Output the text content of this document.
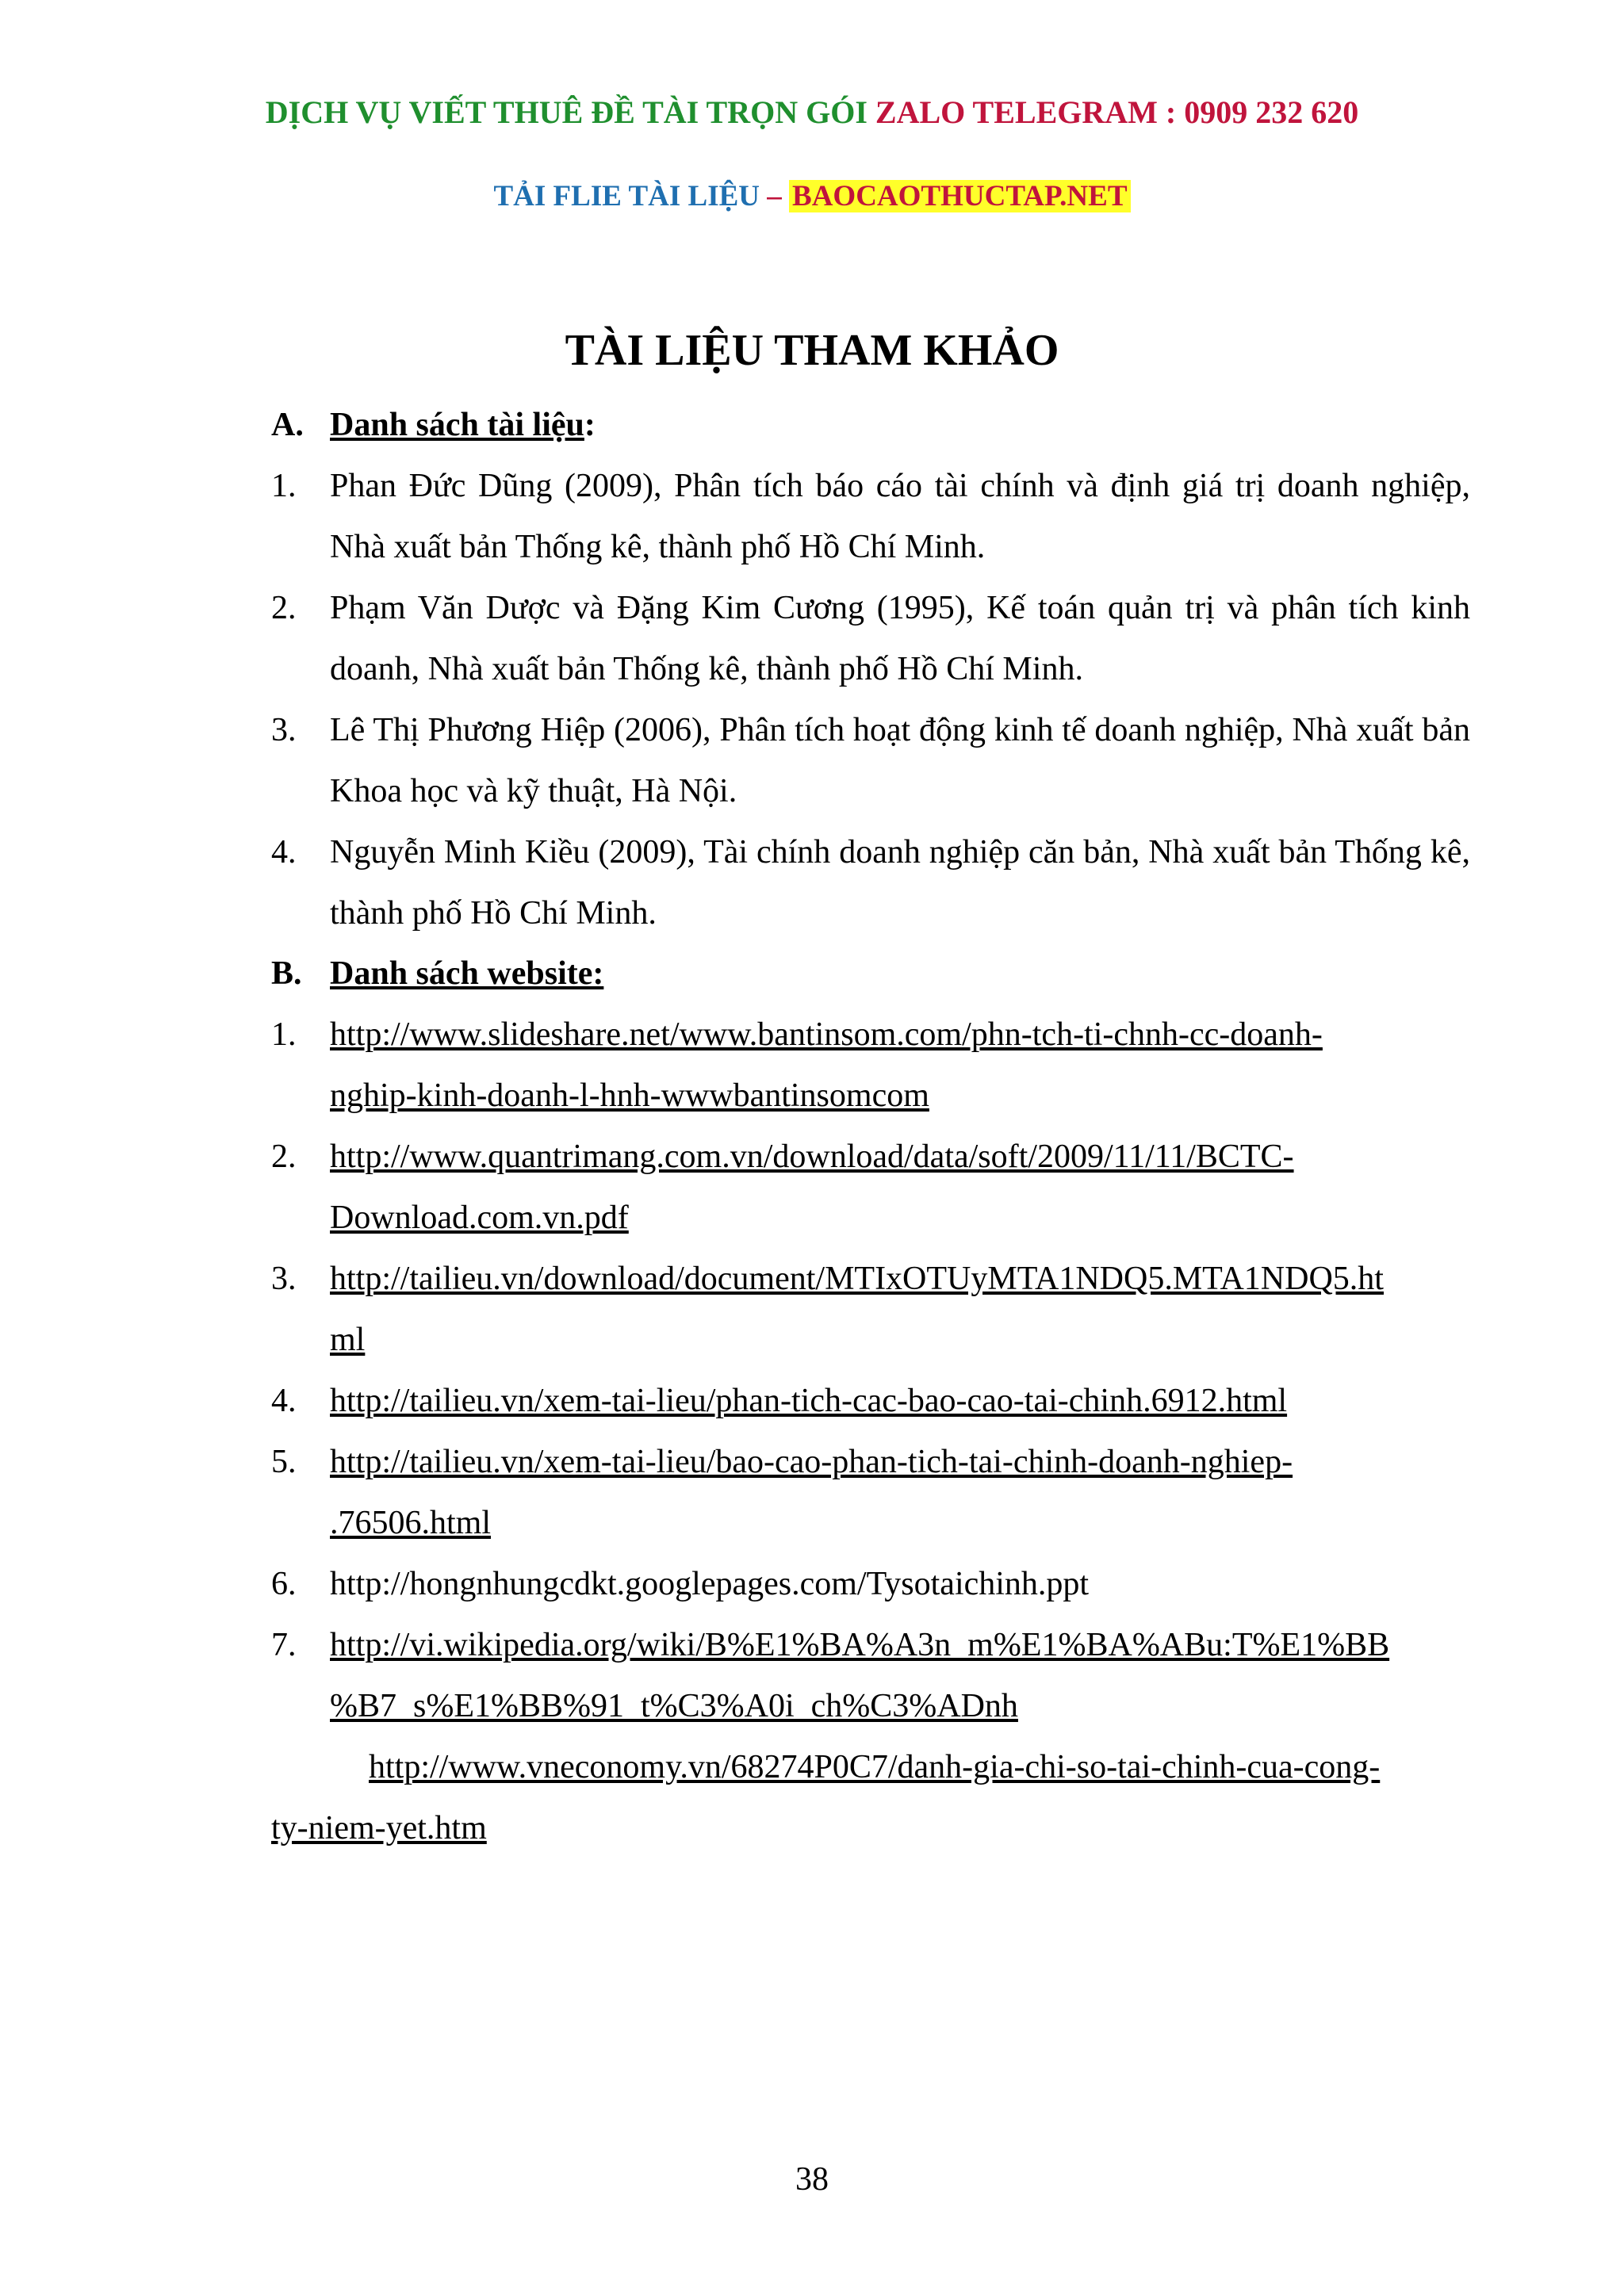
DỊCH VỤ VIẾT THUÊ ĐỀ TÀI TRỌN GÓI ZALO TELEGRAM : 0909 232 620
TẢI FLIE TÀI LIỆU – BAOCAOTHUCTAP.NET
TÀI LIỆU THAM KHẢO
A. Danh sách tài liệu:
1. Phan Đức Dũng (2009), Phân tích báo cáo tài chính và định giá trị doanh nghiệp, Nhà xuất bản Thống kê, thành phố Hồ Chí Minh.
2. Phạm Văn Dược và Đặng Kim Cương (1995), Kế toán quản trị và phân tích kinh doanh, Nhà xuất bản Thống kê, thành phố Hồ Chí Minh.
3. Lê Thị Phương Hiệp (2006), Phân tích hoạt động kinh tế doanh nghiệp, Nhà xuất bản Khoa học và kỹ thuật, Hà Nội.
4. Nguyễn Minh Kiều (2009), Tài chính doanh nghiệp căn bản, Nhà xuất bản Thống kê, thành phố Hồ Chí Minh.
B. Danh sách website:
1. http://www.slideshare.net/www.bantinsom.com/phn-tch-ti-chnh-cc-doanh-
nghip-kinh-doanh-l-hnh-wwwbantinsomcom
2. http://www.quantrimang.com.vn/download/data/soft/2009/11/11/BCTC-
Download.com.vn.pdf
3. http://tailieu.vn/download/document/MTIxOTUyMTA1NDQ5.MTA1NDQ5.ht
ml
4. http://tailieu.vn/xem-tai-lieu/phan-tich-cac-bao-cao-tai-chinh.6912.html
5. http://tailieu.vn/xem-tai-lieu/bao-cao-phan-tich-tai-chinh-doanh-nghiep-
.76506.html
6. http://hongnhungcdkt.googlepages.com/Tysotaichinh.ppt
7. http://vi.wikipedia.org/wiki/B%E1%BA%A3n_m%E1%BA%ABu:T%E1%BB
%B7_s%E1%BB%91_t%C3%A0i_ch%C3%ADnh
http://www.vneconomy.vn/68274P0C7/danh-gia-chi-so-tai-chinh-cua-cong-
ty-niem-yet.htm
38
